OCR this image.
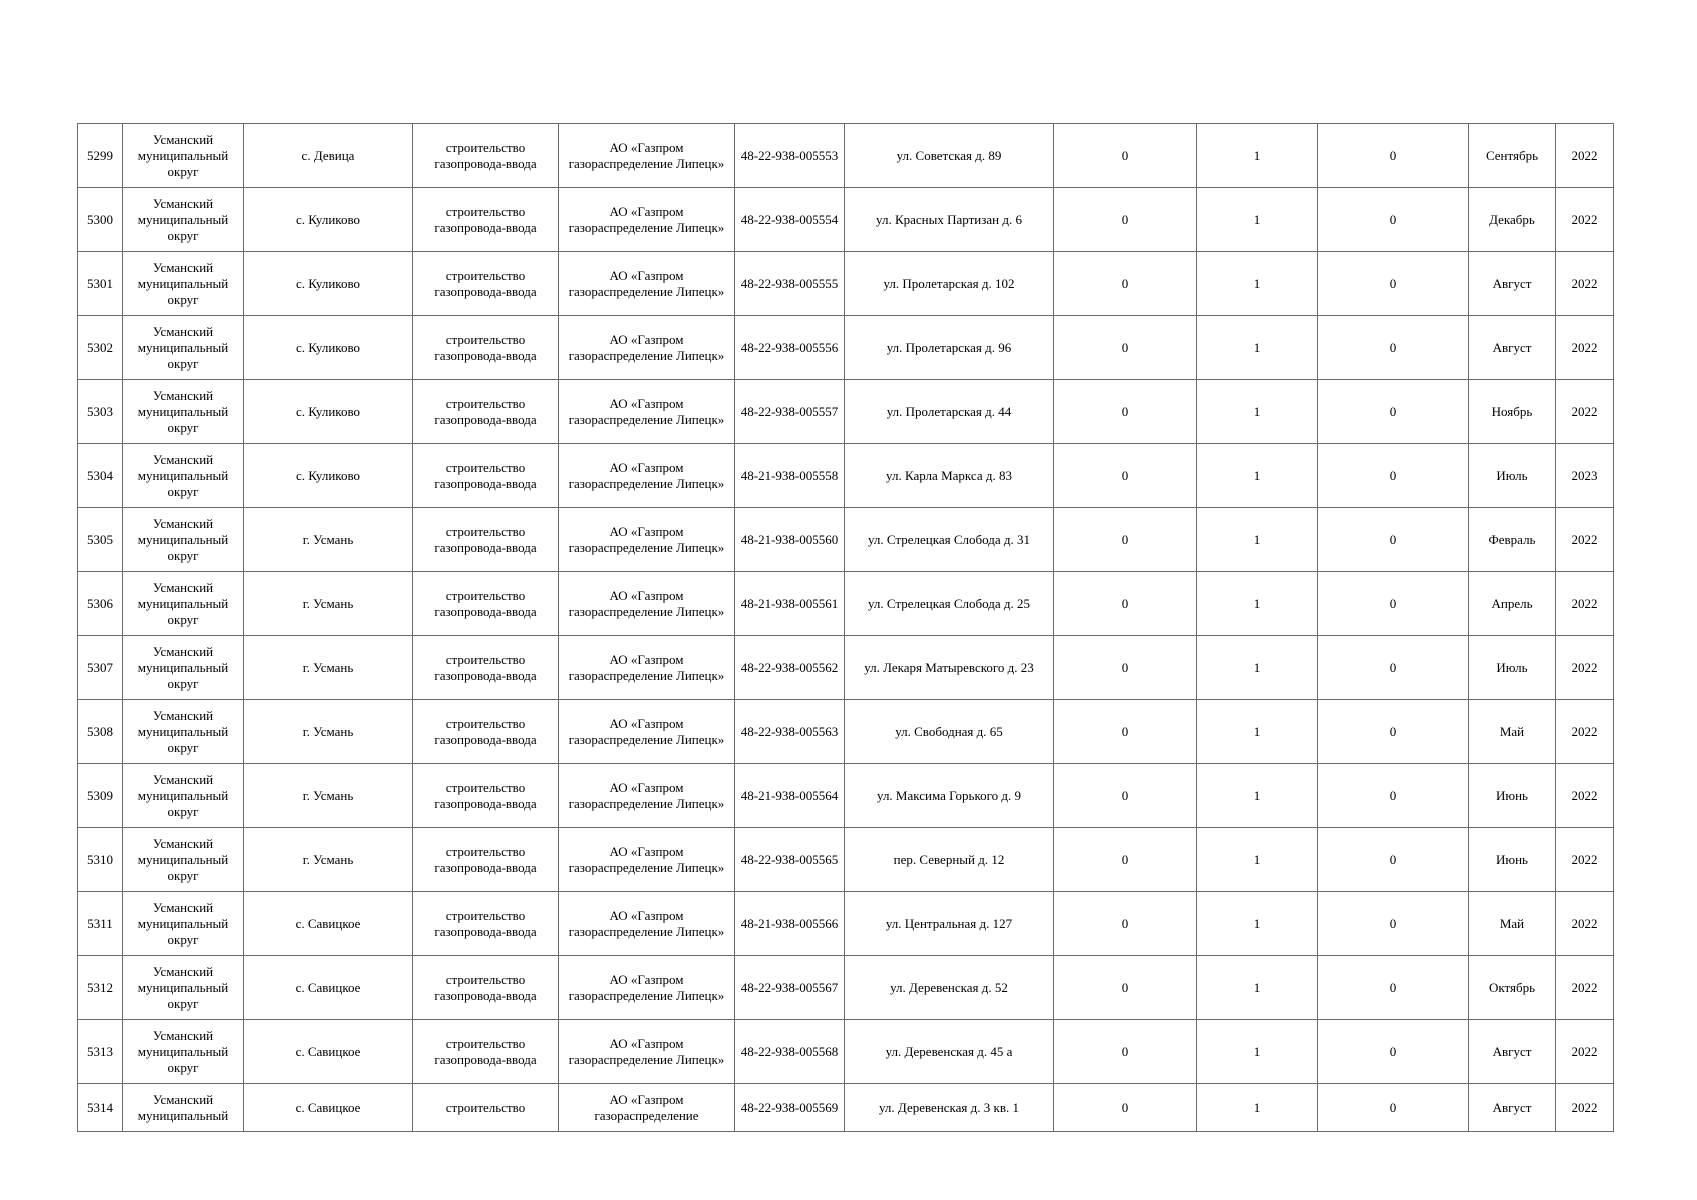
5299	Усманский муниципальный округ	с. Девица	строительство газопровода-ввода	АО «Газпром газораспределение Липецк»	48-22-938-005553	ул. Советская д. 89	0	1	0	Сентябрь	2022
5300	Усманский муниципальный округ	с. Куликово	строительство газопровода-ввода	АО «Газпром газораспределение Липецк»	48-22-938-005554	ул. Красных Партизан д. 6	0	1	0	Декабрь	2022
5301	Усманский муниципальный округ	с. Куликово	строительство газопровода-ввода	АО «Газпром газораспределение Липецк»	48-22-938-005555	ул. Пролетарская д. 102	0	1	0	Август	2022
5302	Усманский муниципальный округ	с. Куликово	строительство газопровода-ввода	АО «Газпром газораспределение Липецк»	48-22-938-005556	ул. Пролетарская д. 96	0	1	0	Август	2022
5303	Усманский муниципальный округ	с. Куликово	строительство газопровода-ввода	АО «Газпром газораспределение Липецк»	48-22-938-005557	ул. Пролетарская д. 44	0	1	0	Ноябрь	2022
5304	Усманский муниципальный округ	с. Куликово	строительство газопровода-ввода	АО «Газпром газораспределение Липецк»	48-21-938-005558	ул. Карла Маркса д. 83	0	1	0	Июль	2023
5305	Усманский муниципальный округ	г. Усмань	строительство газопровода-ввода	АО «Газпром газораспределение Липецк»	48-21-938-005560	ул. Стрелецкая Слобода д. 31	0	1	0	Февраль	2022
5306	Усманский муниципальный округ	г. Усмань	строительство газопровода-ввода	АО «Газпром газораспределение Липецк»	48-21-938-005561	ул. Стрелецкая Слобода д. 25	0	1	0	Апрель	2022
5307	Усманский муниципальный округ	г. Усмань	строительство газопровода-ввода	АО «Газпром газораспределение Липецк»	48-22-938-005562	ул. Лекаря Матыревского д. 23	0	1	0	Июль	2022
5308	Усманский муниципальный округ	г. Усмань	строительство газопровода-ввода	АО «Газпром газораспределение Липецк»	48-22-938-005563	ул. Свободная д. 65	0	1	0	Май	2022
5309	Усманский муниципальный округ	г. Усмань	строительство газопровода-ввода	АО «Газпром газораспределение Липецк»	48-21-938-005564	ул. Максима Горького д. 9	0	1	0	Июнь	2022
5310	Усманский муниципальный округ	г. Усмань	строительство газопровода-ввода	АО «Газпром газораспределение Липецк»	48-22-938-005565	пер. Северный д. 12	0	1	0	Июнь	2022
5311	Усманский муниципальный округ	с. Савицкое	строительство газопровода-ввода	АО «Газпром газораспределение Липецк»	48-21-938-005566	ул. Центральная д. 127	0	1	0	Май	2022
5312	Усманский муниципальный округ	с. Савицкое	строительство газопровода-ввода	АО «Газпром газораспределение Липецк»	48-22-938-005567	ул. Деревенская д. 52	0	1	0	Октябрь	2022
5313	Усманский муниципальный округ	с. Савицкое	строительство газопровода-ввода	АО «Газпром газораспределение Липецк»	48-22-938-005568	ул. Деревенская д. 45 а	0	1	0	Август	2022
5314	Усманский муниципальный	с. Савицкое	строительство	АО «Газпром газораспределение	48-22-938-005569	ул. Деревенская д. 3 кв. 1	0	1	0	Август	2022
